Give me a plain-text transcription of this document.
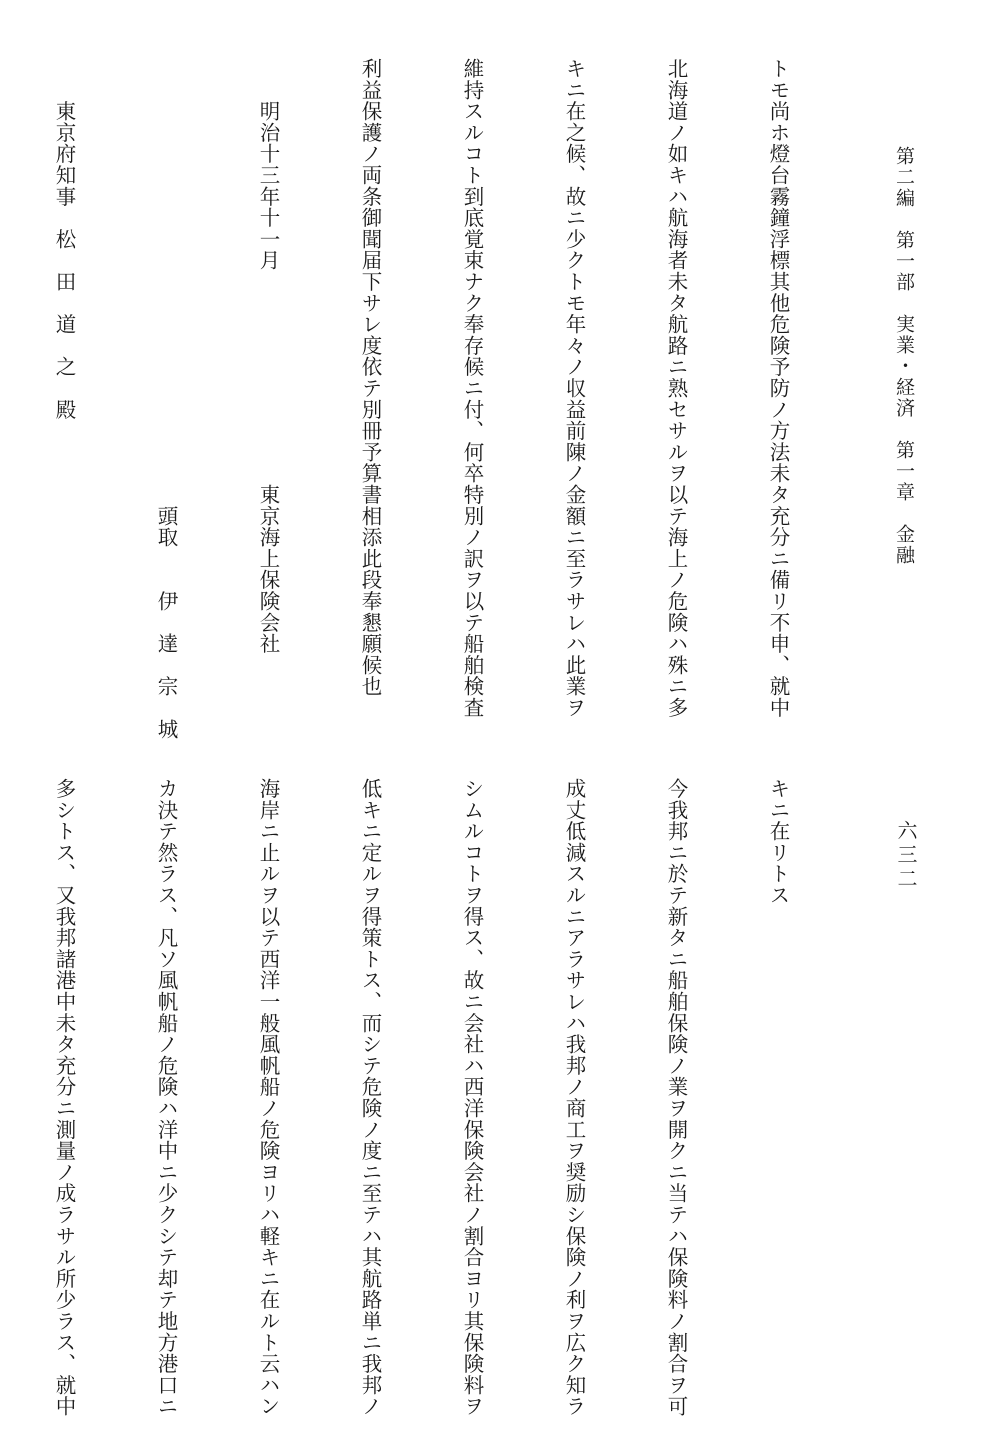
第二編　第一部　実業・経済　第一章　金融
六三二

トモ尚ホ燈台霧鐘浮標其他危険予防ノ方法未タ充分ニ備リ不申、就中

北海道ノ如キハ航海者未タ航路ニ熟セサルヲ以テ海上ノ危険ハ殊ニ多

キニ在之候、故ニ少クトモ年々ノ収益前陳ノ金額ニ至ラサレハ此業ヲ

維持スルコト到底覚束ナク奉存候ニ付、何卒特別ノ訳ヲ以テ船舶検査

利益保護ノ両条御聞届下サレ度依テ別冊予算書相添此段奉懇願候也

　　明治十三年十一月　　　　　　　　　　東京海上保険会社

　　　　　　　　　　　　　　　　　　　　　頭取　　伊　達　宗　城

　　東京府知事　松　田　道　之　殿

キニ在リトス

今我邦ニ於テ新タニ船舶保険ノ業ヲ開クニ当テハ保険料ノ割合ヲ可

成丈低減スルニアラサレハ我邦ノ商工ヲ奨励シ保険ノ利ヲ広ク知ラ

シムルコトヲ得ス、故ニ会社ハ西洋保険会社ノ割合ヨリ其保険料ヲ

低キニ定ルヲ得策トス、而シテ危険ノ度ニ至テハ其航路単ニ我邦ノ

海岸ニ止ルヲ以テ西洋一般風帆船ノ危険ヨリハ軽キニ在ルト云ハン

カ決テ然ラス、凡ソ風帆船ノ危険ハ洋中ニ少クシテ却テ地方港口ニ

多シトス、又我邦諸港中未タ充分ニ測量ノ成ラサル所少ラス、就中
